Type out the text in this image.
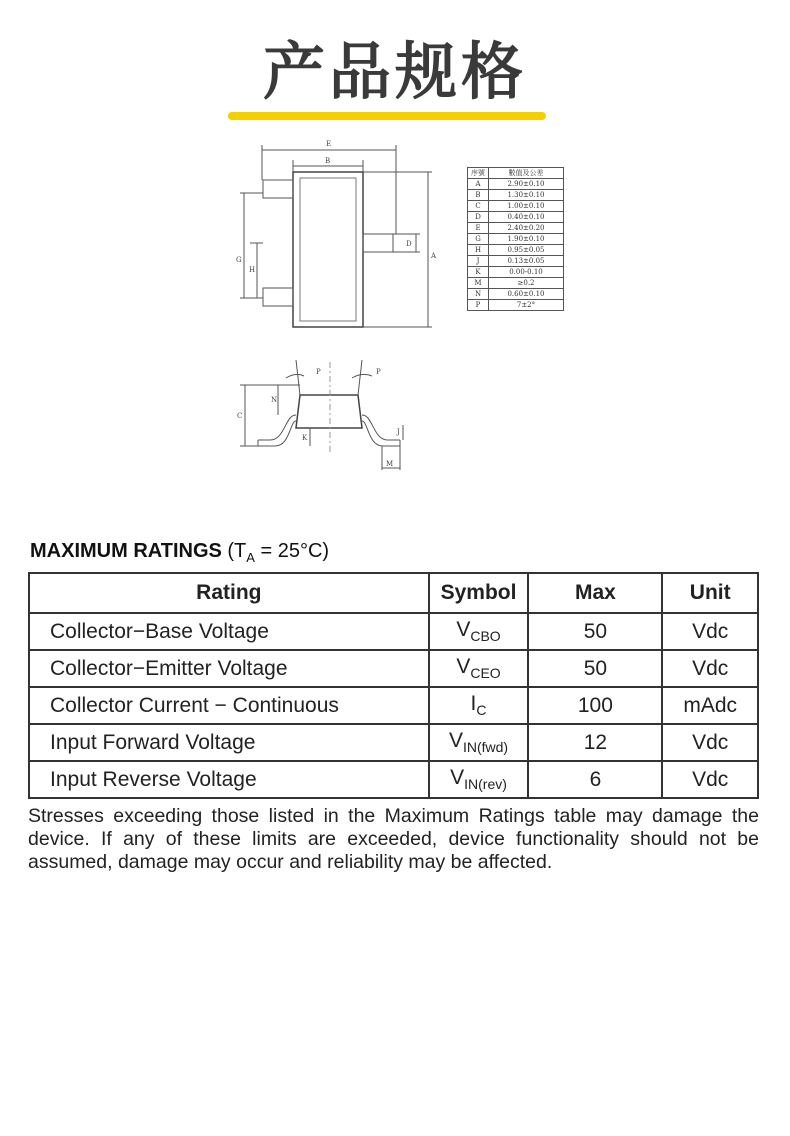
产品规格
E
B
G
H
D
A
P	P
N
C
K
J
M
序號	數值及公差
A	2.90±0.10
B	1.30±0.10
C	1.00±0.10
D	0.40±0.10
E	2.40±0.20
G	1.90±0.10
H	0.95±0.05
J	0.13±0.05
K	0.00-0.10
M	≥0.2
N	0.60±0.10
P	7±2°
MAXIMUM RATINGS $(T_A = 25^\circ C)$
Rating	Symbol	Max	Unit
Collector−Base Voltage	$V_{CBO}$	50	Vdc
Collector−Emitter Voltage	$V_{CEO}$	50	Vdc
Collector Current − Continuous	$I_C$	100	mAdc
Input Forward Voltage	$V_{IN(fwd)}$	12	Vdc
Input Reverse Voltage	$V_{IN(rev)}$	6	Vdc
Stresses exceeding those listed in the Maximum Ratings table may damage the device. If any of these limits are exceeded, device functionality should not be assumed, damage may occur and reliability may be affected.
